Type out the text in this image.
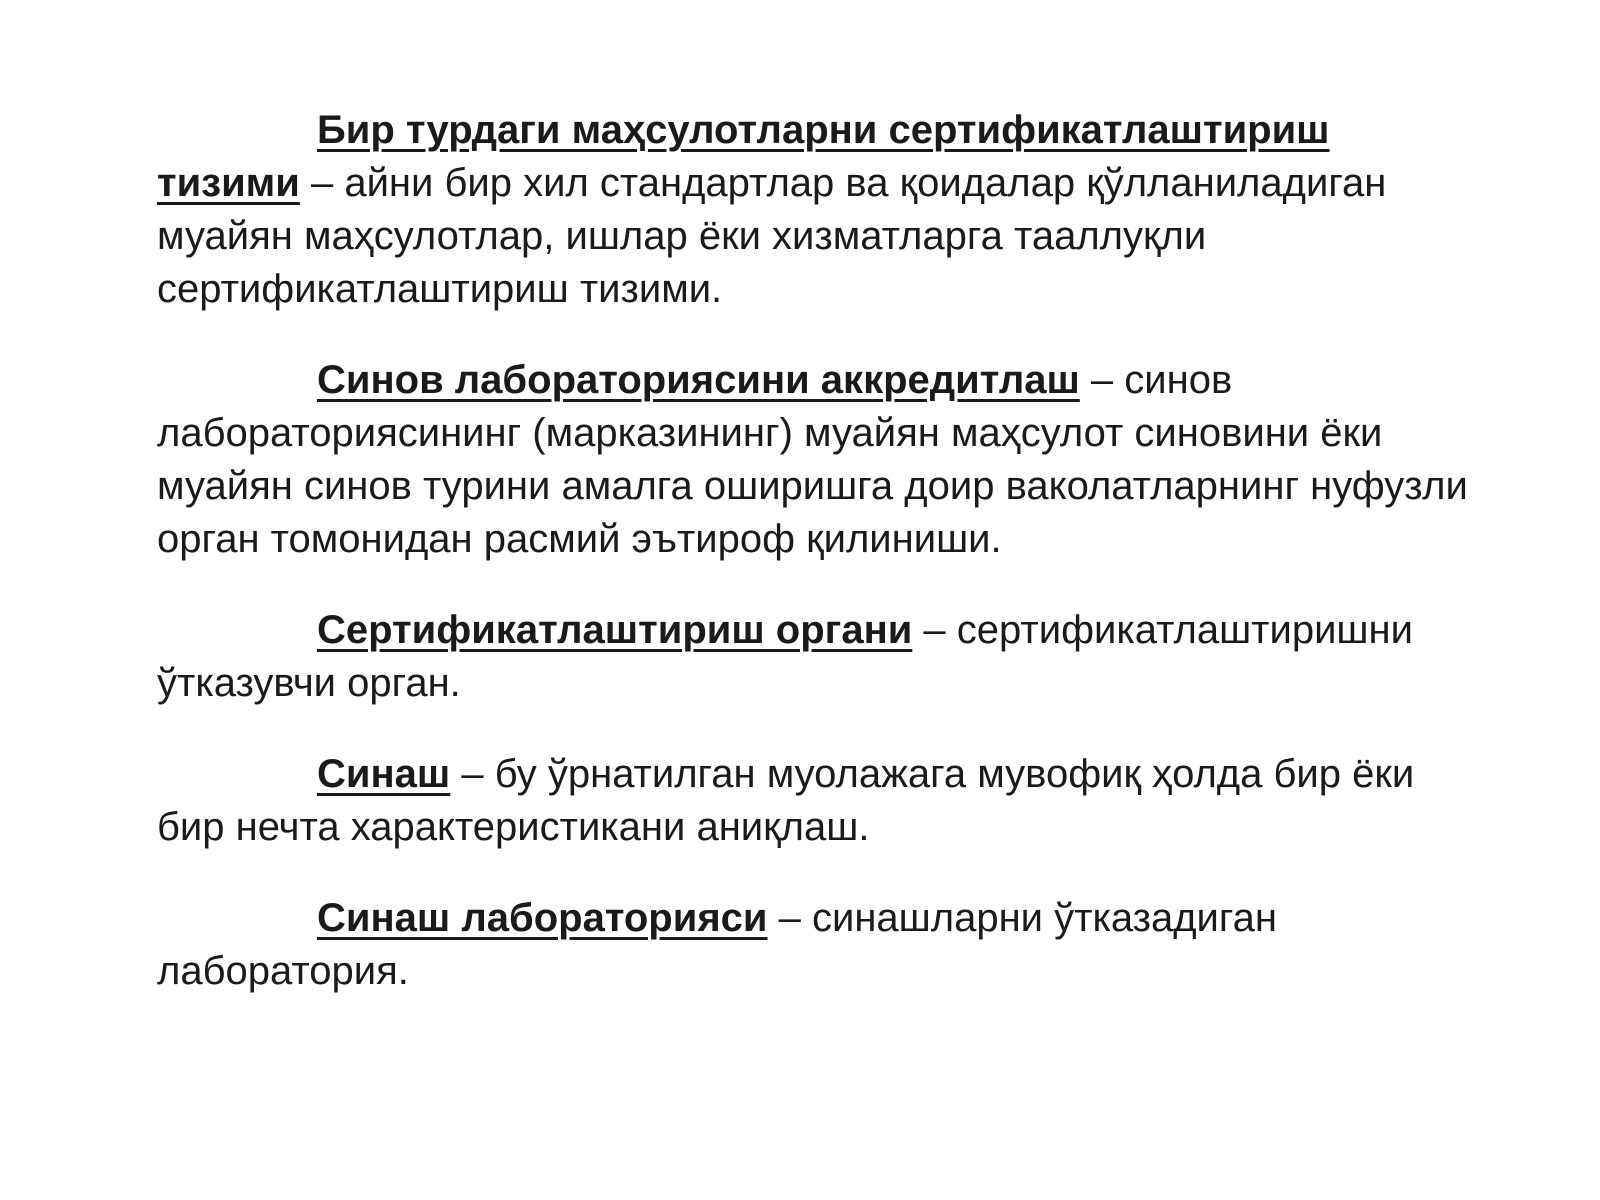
Бир турдаги маҳсулотларни сертификатлаштириш тизими – айни бир хил стандартлар ва қоидалар қўлланиладиган муайян маҳсулотлар, ишлар ёки хизматларга тааллуқли сертификатлаштириш тизими.

Синов лабораториясини аккредитлаш – синов лабораториясининг (марказининг) муайян маҳсулот синовини ёки муайян синов турини амалга оширишга доир ваколатларнинг нуфузли орган томонидан расмий эътироф қилиниши.

Сертификатлаштириш органи – сертификатлаштиришни ўтказувчи орган.

Синаш – бу ўрнатилган муолажага мувофиқ ҳолда бир ёки бир нечта характеристикани аниқлаш.

Синаш лабораторияси – синашларни ўтказадиган лаборатория.
